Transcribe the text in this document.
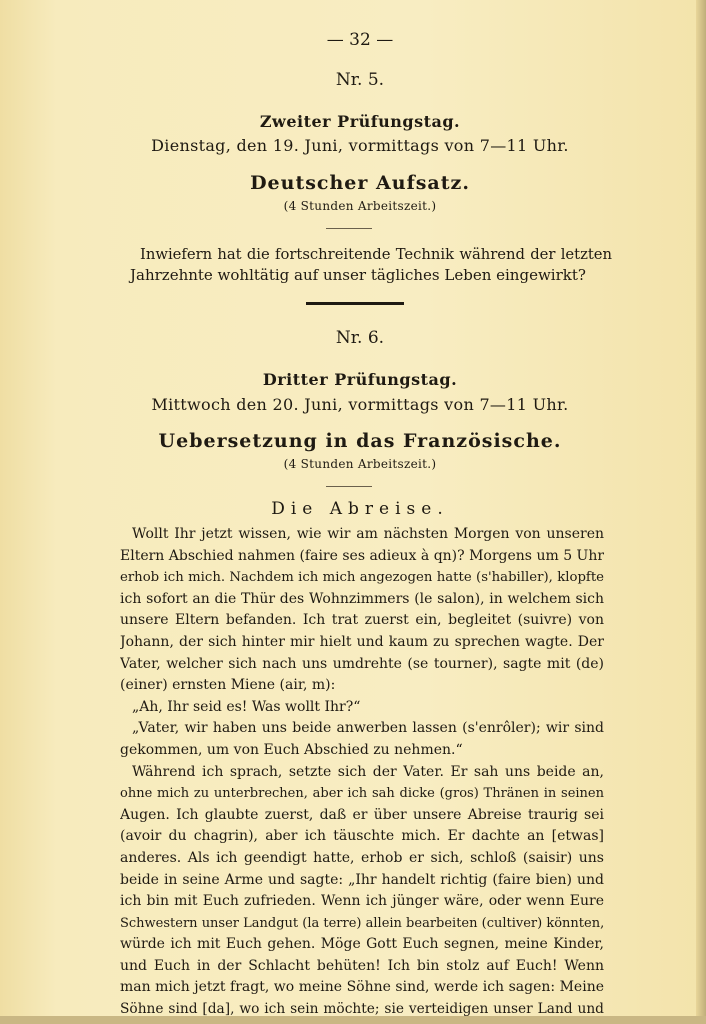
— 32 —
Nr. 5.
Zweiter Prüfungstag.
Dienstag, den 19. Juni, vormittags von 7—11 Uhr.
Deutscher Aufsatz.
(4 Stunden Arbeitszeit.)
Inwiefern hat die fortschreitende Technik während der letzten
Jahrzehnte wohltätig auf unser tägliches Leben eingewirkt?
Nr. 6.
Dritter Prüfungstag.
Mittwoch den 20. Juni, vormittags von 7—11 Uhr.
Uebersetzung in das Französische.
(4 Stunden Arbeitszeit.)
Die Abreise.
Wollt Ihr jetzt wissen, wie wir am nächsten Morgen von unseren
Eltern Abschied nahmen (faire ses adieux à qn)? Morgens um 5 Uhr
erhob ich mich. Nachdem ich mich angezogen hatte (s'habiller), klopfte
ich sofort an die Thür des Wohnzimmers (le salon), in welchem sich
unsere Eltern befanden. Ich trat zuerst ein, begleitet (suivre) von
Johann, der sich hinter mir hielt und kaum zu sprechen wagte. Der
Vater, welcher sich nach uns umdrehte (se tourner), sagte mit (de)
(einer) ernsten Miene (air, m):
„Ah, Ihr seid es! Was wollt Ihr?“
„Vater, wir haben uns beide anwerben lassen (s'enrôler); wir sind
gekommen, um von Euch Abschied zu nehmen.“
Während ich sprach, setzte sich der Vater. Er sah uns beide an,
ohne mich zu unterbrechen, aber ich sah dicke (gros) Thränen in seinen
Augen. Ich glaubte zuerst, daß er über unsere Abreise traurig sei
(avoir du chagrin), aber ich täuschte mich. Er dachte an [etwas]
anderes. Als ich geendigt hatte, erhob er sich, schloß (saisir) uns
beide in seine Arme und sagte: „Ihr handelt richtig (faire bien) und
ich bin mit Euch zufrieden. Wenn ich jünger wäre, oder wenn Eure
Schwestern unser Landgut (la terre) allein bearbeiten (cultiver) könnten,
würde ich mit Euch gehen. Möge Gott Euch segnen, meine Kinder,
und Euch in der Schlacht behüten! Ich bin stolz auf Euch! Wenn
man mich jetzt fragt, wo meine Söhne sind, werde ich sagen: Meine
Söhne sind [da], wo ich sein möchte; sie verteidigen unser Land und
